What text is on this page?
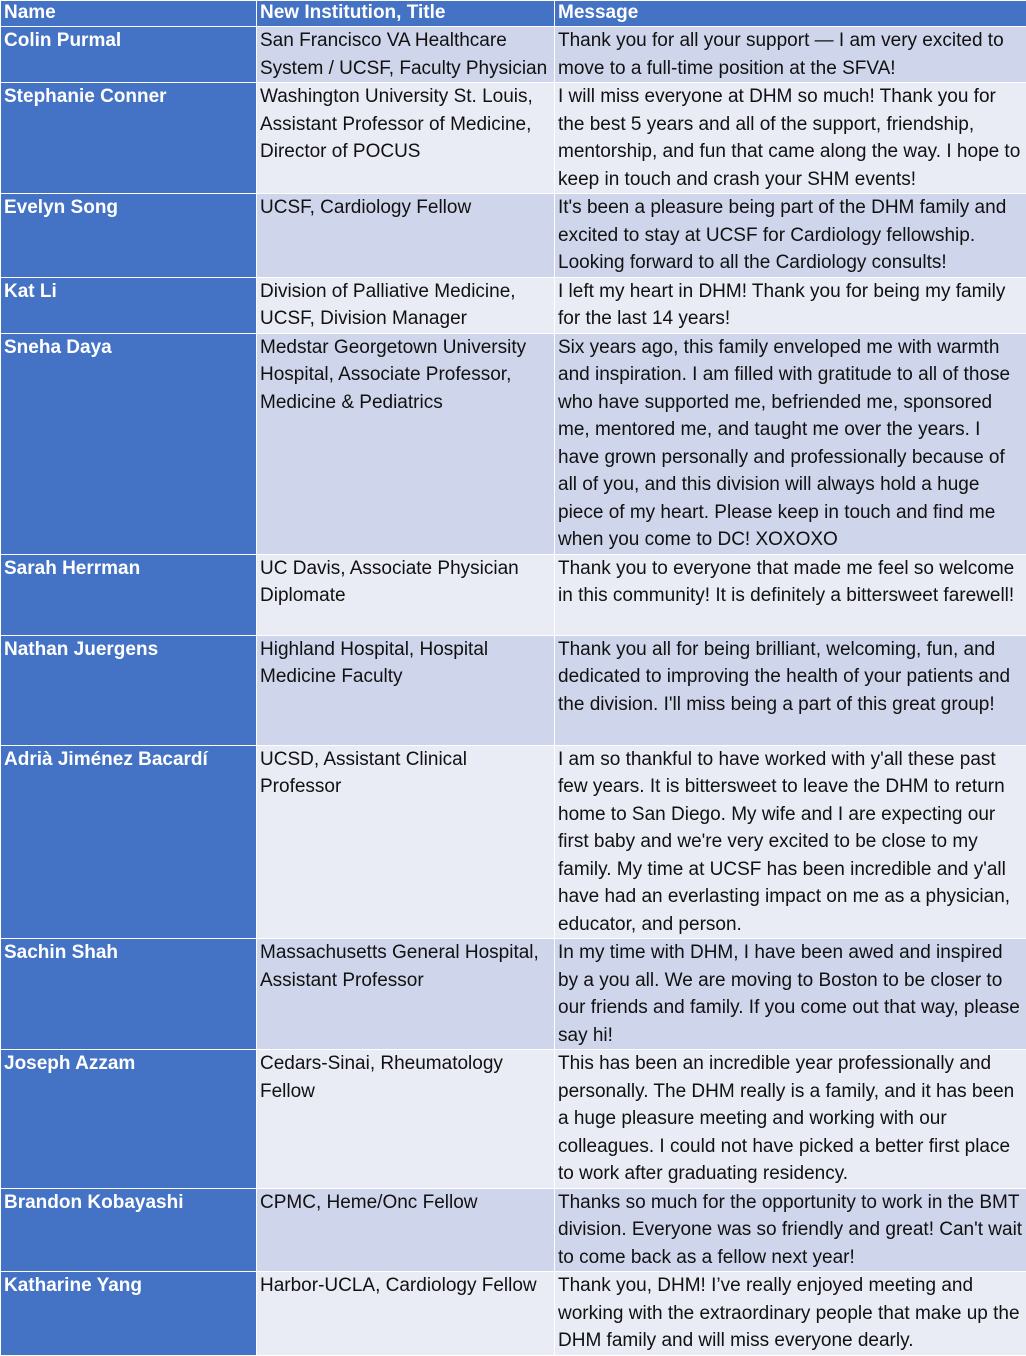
Name	New Institution, Title	Message
Colin Purmal	San Francisco VA Healthcare System / UCSF, Faculty Physician	Thank you for all your support — I am very excited to move to a full-time position at the SFVA!
Stephanie Conner	Washington University St. Louis, Assistant Professor of Medicine, Director of POCUS	I will miss everyone at DHM so much! Thank you for the best 5 years and all of the support, friendship, mentorship, and fun that came along the way. I hope to keep in touch and crash your SHM events!
Evelyn Song	UCSF, Cardiology Fellow	It's been a pleasure being part of the DHM family and excited to stay at UCSF for Cardiology fellowship. Looking forward to all the Cardiology consults!
Kat Li	Division of Palliative Medicine, UCSF, Division Manager	I left my heart in DHM! Thank you for being my family for the last 14 years!
Sneha Daya	Medstar Georgetown University Hospital, Associate Professor, Medicine & Pediatrics	Six years ago, this family enveloped me with warmth and inspiration. I am filled with gratitude to all of those who have supported me, befriended me, sponsored me, mentored me, and taught me over the years. I have grown personally and professionally because of all of you, and this division will always hold a huge piece of my heart. Please keep in touch and find me when you come to DC! XOXOXO
Sarah Herrman	UC Davis, Associate Physician Diplomate	Thank you to everyone that made me feel so welcome in this community! It is definitely a bittersweet farewell!
Nathan Juergens	Highland Hospital, Hospital Medicine Faculty	Thank you all for being brilliant, welcoming, fun, and dedicated to improving the health of your patients and the division. I'll miss being a part of this great group!
Adrià Jiménez Bacardí	UCSD, Assistant Clinical Professor	I am so thankful to have worked with y'all these past few years. It is bittersweet to leave the DHM to return home to San Diego. My wife and I are expecting our first baby and we're very excited to be close to my family. My time at UCSF has been incredible and y'all have had an everlasting impact on me as a physician, educator, and person.
Sachin Shah	Massachusetts General Hospital, Assistant Professor	In my time with DHM, I have been awed and inspired by a you all. We are moving to Boston to be closer to our friends and family. If you come out that way, please say hi!
Joseph Azzam	Cedars-Sinai, Rheumatology Fellow	This has been an incredible year professionally and personally. The DHM really is a family, and it has been a huge pleasure meeting and working with our colleagues. I could not have picked a better first place to work after graduating residency.
Brandon Kobayashi	CPMC, Heme/Onc Fellow	Thanks so much for the opportunity to work in the BMT division. Everyone was so friendly and great! Can't wait to come back as a fellow next year!
Katharine Yang	Harbor-UCLA, Cardiology Fellow	Thank you, DHM! I’ve really enjoyed meeting and working with the extraordinary people that make up the DHM family and will miss everyone dearly.
